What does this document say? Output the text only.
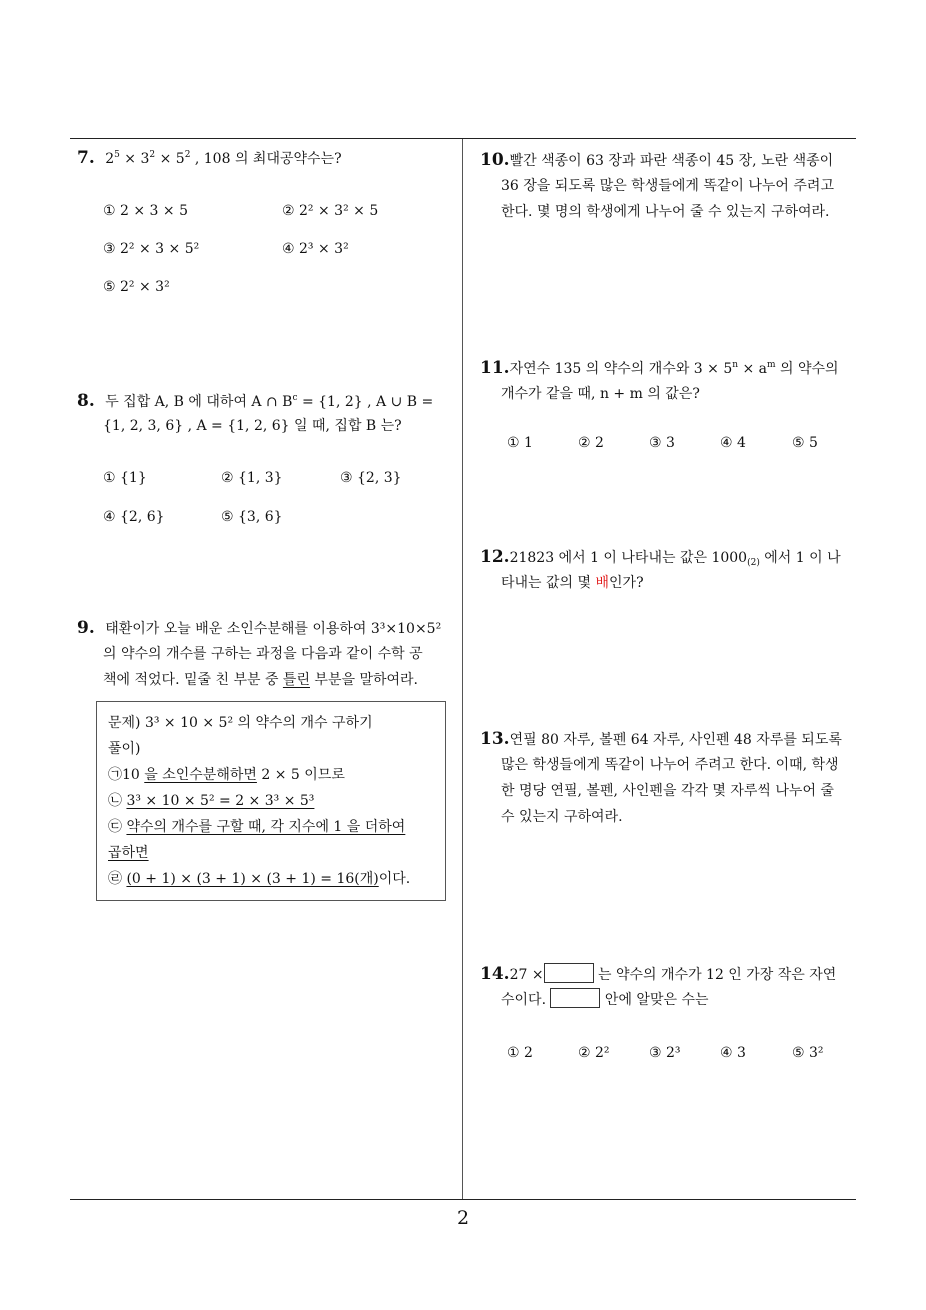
2
7. $2^5 \times 3^2 \times 5^2$ , 108 의 최대공약수는?
① 2 × 3 × 5	② 2² × 3² × 5
③ 2² × 3 × 5²	④ 2³ × 3²
⑤ 2² × 3²
8. 두 집합 A, B 에 대하여 A ∩ $B^c = \{1$, 2} , A ∪ B =
{1, 2, 3, 6} , A = {1, 2, 6} 일 때, 집합 B 는?
① {1}	② {1, 3}	③ {2, 3}
④ {2, 6}	⑤ {3, 6}
9. 태환이가 오늘 배운 소인수분해를 이용하여 3³×10×5²
의 약수의 개수를 구하는 과정을 다음과 같이 수학 공
책에 적었다. 밑줄 친 부분 중 틀린 부분을 말하여라.
문제) 3³ × 10 × 5² 의 약수의 개수 구하기
풀이)
㉠10 을 소인수분해하면 2 × 5 이므로
㉡ 3³ × 10 × 5² = 2 × 3³ × 5³
㉢ 약수의 개수를 구할 때, 각 지수에 1 을 더하여
곱하면
㉣ (0 + 1) × (3 + 1) × (3 + 1) = 16(개)이다.
10.빨간 색종이 63 장과 파란 색종이 45 장, 노란 색종이
36 장을 되도록 많은 학생들에게 똑같이 나누어 주려고
한다. 몇 명의 학생에게 나누어 줄 수 있는지 구하여라.
11.자연수 135 의 약수의 개수와 $3 \times 5^n \times a^m$ 의 약수의
개수가 같을 때, n + m 의 값은?
① 1	② 2	③ 3	④ 4	⑤ 5
12.21823 에서 1 이 나타내는 값은 $1000_{(2)}$ 에서 1 이 나
타내는 값의 몇 배인가?
13.연필 80 자루, 볼펜 64 자루, 사인펜 48 자루를 되도록
많은 학생들에게 똑같이 나누어 주려고 한다. 이때, 학생
한 명당 연필, 볼펜, 사인펜을 각각 몇 자루씩 나누어 줄
수 있는지 구하여라.
14.27 ×	는 약수의 개수가 12 인 가장 작은 자연
수이다.	안에 알맞은 수는
① 2	② 2²	③ 2³	④ 3	⑤ 3²
